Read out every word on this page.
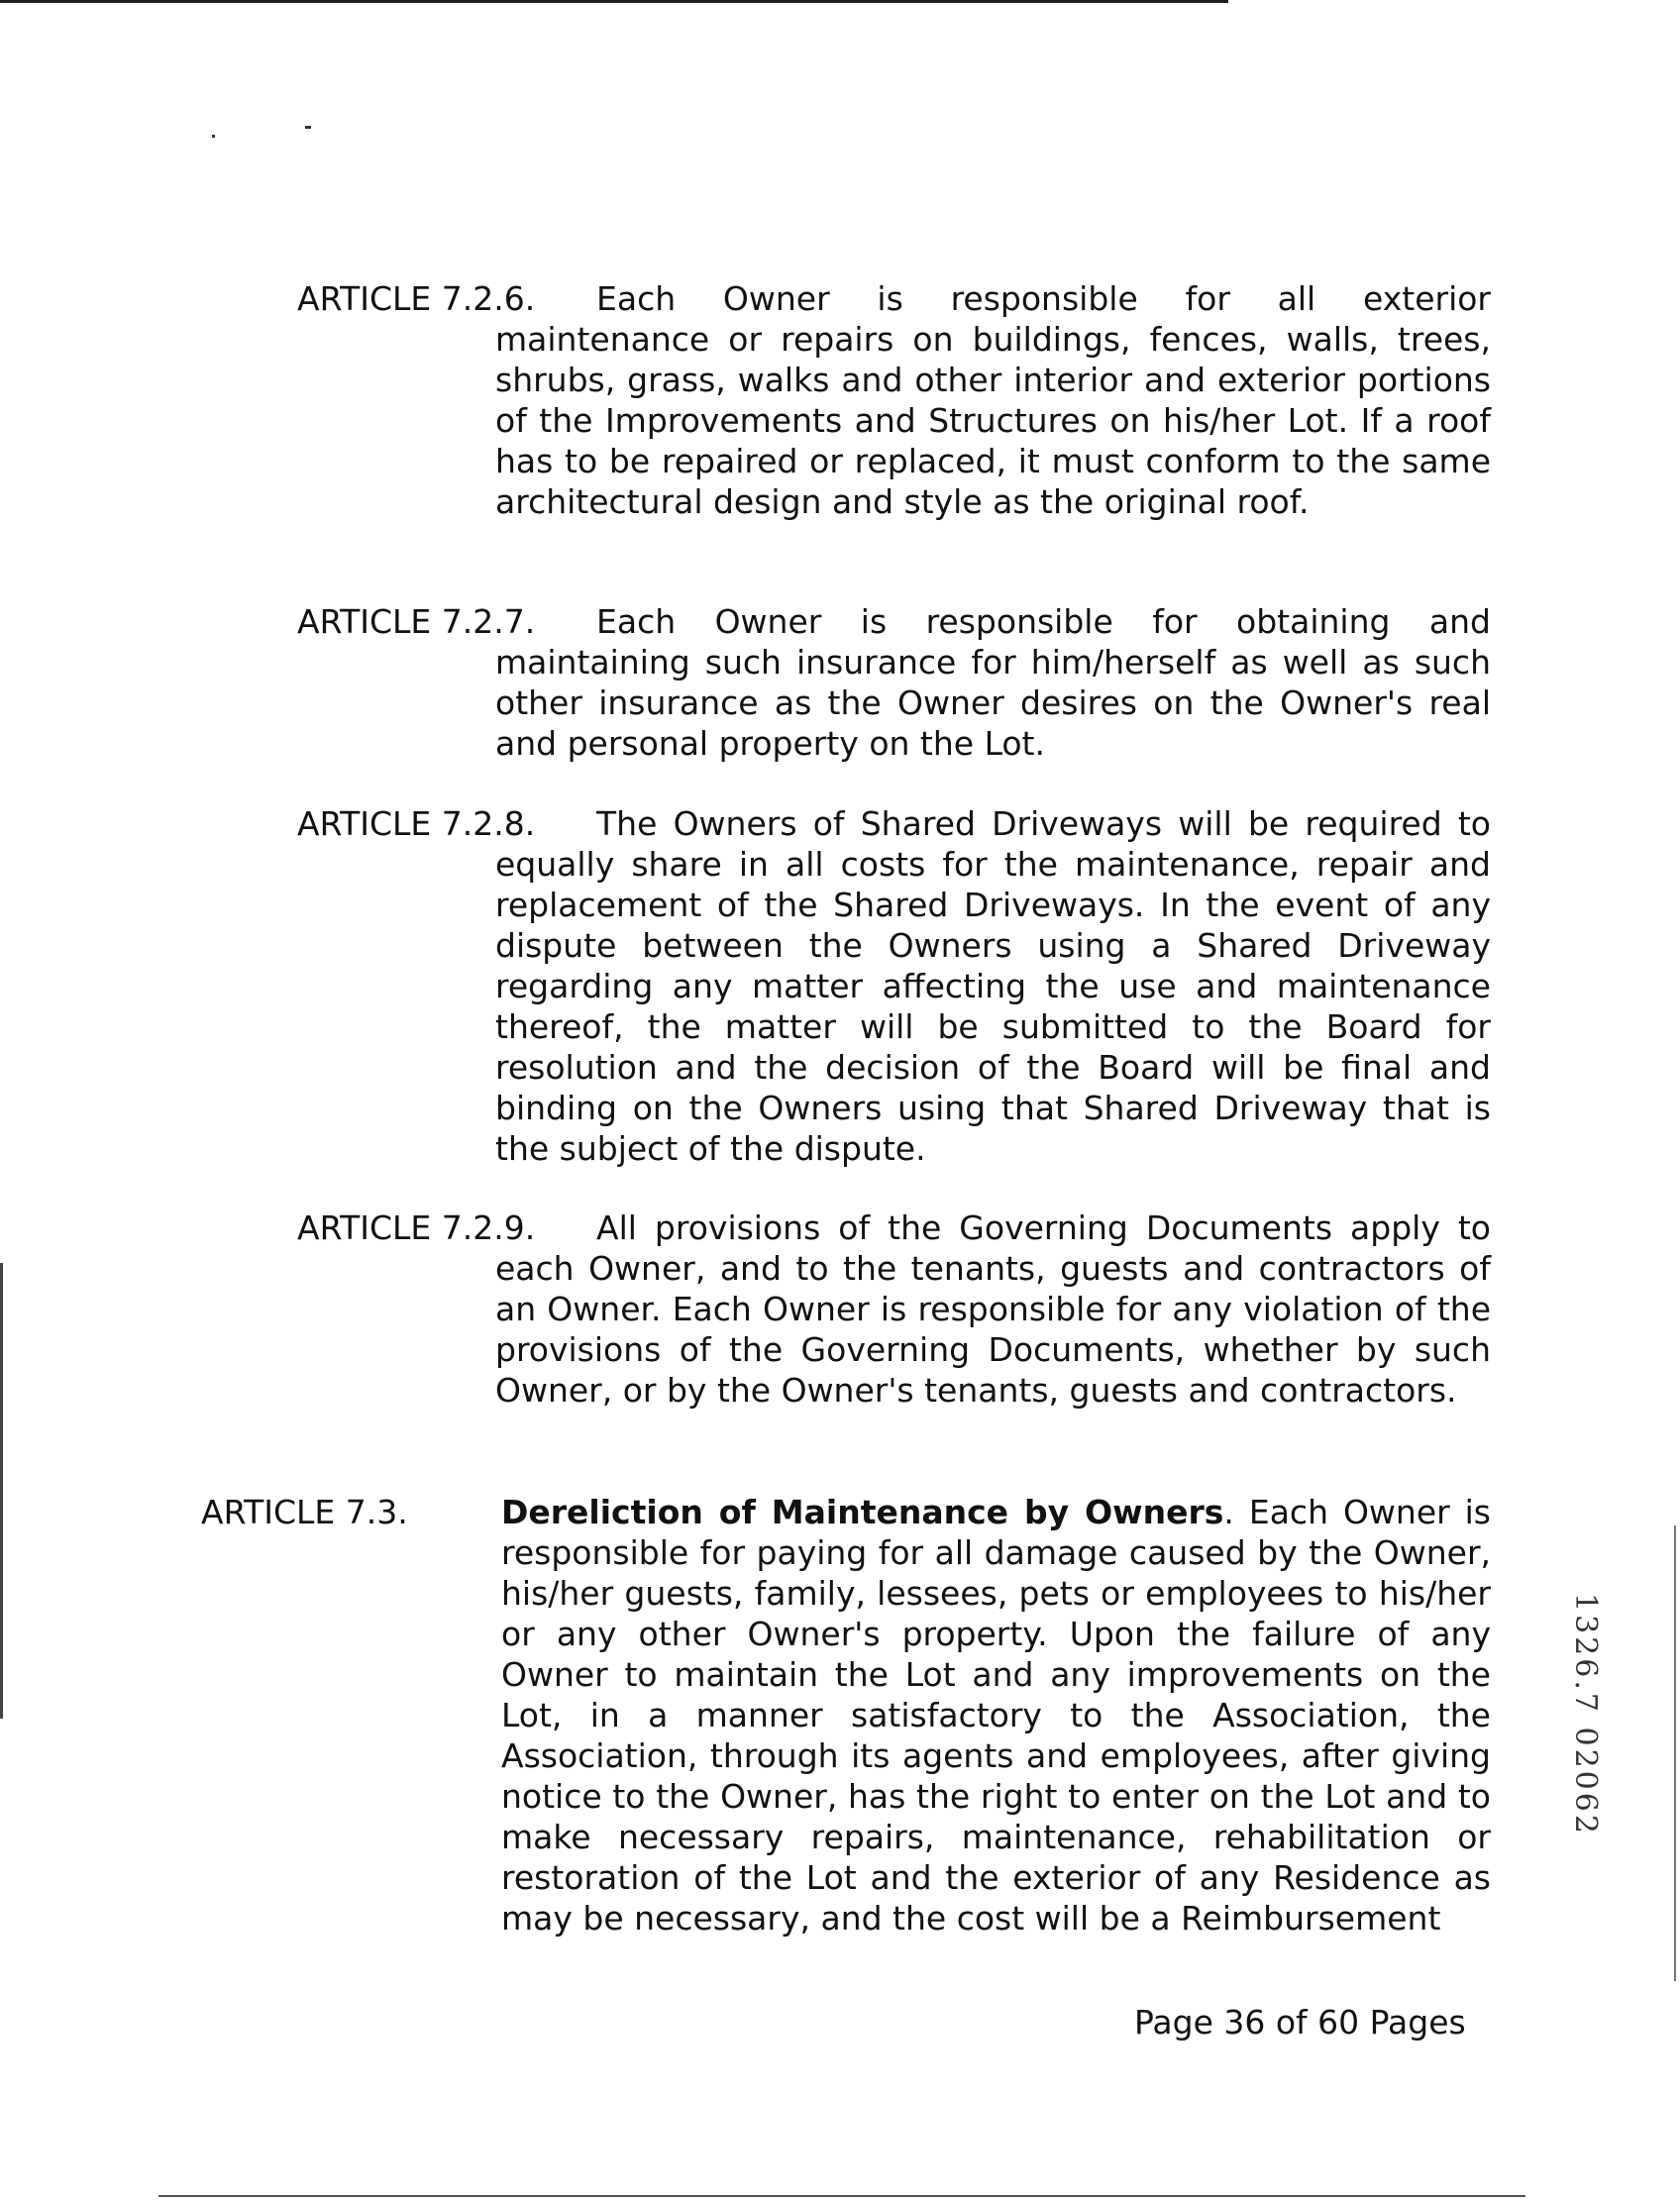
ARTICLE 7.2.6.	Each Owner is responsible for all exterior maintenance or repairs on buildings, fences, walls, trees, shrubs, grass, walks and other interior and exterior portions of the Improvements and Structures on his/her Lot. If a roof has to be repaired or replaced, it must conform to the same architectural design and style as the original roof.
ARTICLE 7.2.7.	Each Owner is responsible for obtaining and maintaining such insurance for him/herself as well as such other insurance as the Owner desires on the Owner's real and personal property on the Lot.
ARTICLE 7.2.8.	The Owners of Shared Driveways will be required to equally share in all costs for the maintenance, repair and replacement of the Shared Driveways. In the event of any dispute between the Owners using a Shared Driveway regarding any matter affecting the use and maintenance thereof, the matter will be submitted to the Board for resolution and the decision of the Board will be final and binding on the Owners using that Shared Driveway that is the subject of the dispute.
ARTICLE 7.2.9.	All provisions of the Governing Documents apply to each Owner, and to the tenants, guests and contractors of an Owner. Each Owner is responsible for any violation of the provisions of the Governing Documents, whether by such Owner, or by the Owner's tenants, guests and contractors.
ARTICLE 7.3.	Dereliction of Maintenance by Owners. Each Owner is responsible for paying for all damage caused by the Owner, his/her guests, family, lessees, pets or employees to his/her or any other Owner's property. Upon the failure of any Owner to maintain the Lot and any improvements on the Lot, in a manner satisfactory to the Association, the Association, through its agents and employees, after giving notice to the Owner, has the right to enter on the Lot and to make necessary repairs, maintenance, rehabilitation or restoration of the Lot and the exterior of any Residence as may be necessary, and the cost will be a Reimbursement
Page 36 of 60 Pages
1326.7 02062
